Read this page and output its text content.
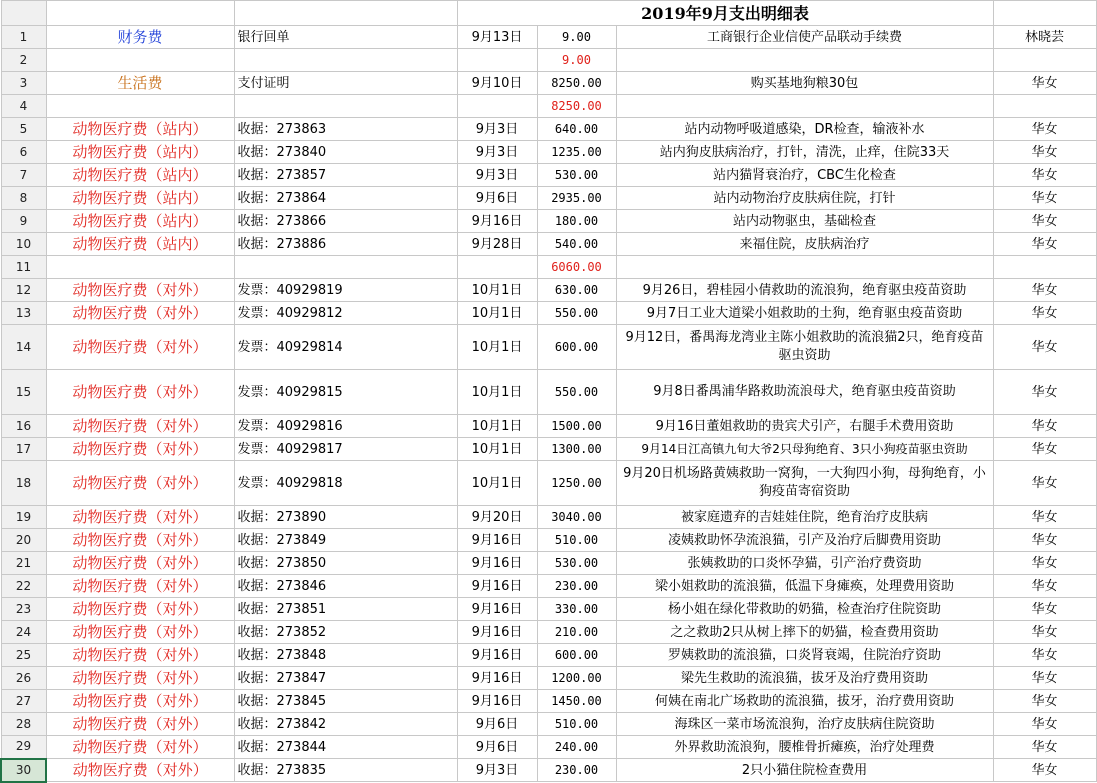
			2019年9月支出明细表			
1	财务费	银行回单	9月13日	9.00	工商银行企业信使产品联动手续费	林晓芸
2				9.00		
3	生活费	支付证明	9月10日	8250.00	购买基地狗粮30包	华女
4				8250.00		
5	动物医疗费（站内）	收据：273863	9月3日	640.00	站内动物呼吸道感染，DR检查，输液补水	华女
6	动物医疗费（站内）	收据：273840	9月3日	1235.00	站内狗皮肤病治疗，打针，清洗，止痒，住院33天	华女
7	动物医疗费（站内）	收据：273857	9月3日	530.00	站内猫肾衰治疗，CBC生化检查	华女
8	动物医疗费（站内）	收据：273864	9月6日	2935.00	站内动物治疗皮肤病住院，打针	华女
9	动物医疗费（站内）	收据：273866	9月16日	180.00	站内动物驱虫，基础检查	华女
10	动物医疗费（站内）	收据：273886	9月28日	540.00	来福住院，皮肤病治疗	华女
11				6060.00		
12	动物医疗费（对外）	发票：40929819	10月1日	630.00	9月26日，碧桂园小倩救助的流浪狗，绝育驱虫疫苗资助	华女
13	动物医疗费（对外）	发票：40929812	10月1日	550.00	9月7日工业大道梁小姐救助的土狗，绝育驱虫疫苗资助	华女
14	动物医疗费（对外）	发票：40929814	10月1日	600.00	9月12日，番禺海龙湾业主陈小姐救助的流浪猫2只，绝育疫苗驱虫资助	华女
15	动物医疗费（对外）	发票：40929815	10月1日	550.00	9月8日番禺浦华路救助流浪母犬，绝育驱虫疫苗资助	华女
16	动物医疗费（对外）	发票：40929816	10月1日	1500.00	9月16日董姐救助的贵宾犬引产，右腿手术费用资助	华女
17	动物医疗费（对外）	发票：40929817	10月1日	1300.00	9月14日江高镇九旬大爷2只母狗绝育、3只小狗疫苗驱虫资助	华女
18	动物医疗费（对外）	发票：40929818	10月1日	1250.00	9月20日机场路黄姨救助一窝狗，一大狗四小狗，母狗绝育，小狗疫苗寄宿资助	华女
19	动物医疗费（对外）	收据：273890	9月20日	3040.00	被家庭遗弃的吉娃娃住院，绝育治疗皮肤病	华女
20	动物医疗费（对外）	收据：273849	9月16日	510.00	凌姨救助怀孕流浪猫，引产及治疗后脚费用资助	华女
21	动物医疗费（对外）	收据：273850	9月16日	530.00	张姨救助的口炎怀孕猫，引产治疗费资助	华女
22	动物医疗费（对外）	收据：273846	9月16日	230.00	梁小姐救助的流浪猫，低温下身瘫痪，处理费用资助	华女
23	动物医疗费（对外）	收据：273851	9月16日	330.00	杨小姐在绿化带救助的奶猫，检查治疗住院资助	华女
24	动物医疗费（对外）	收据：273852	9月16日	210.00	之之救助2只从树上摔下的奶猫，检查费用资助	华女
25	动物医疗费（对外）	收据：273848	9月16日	600.00	罗姨救助的流浪猫，口炎肾衰竭，住院治疗资助	华女
26	动物医疗费（对外）	收据：273847	9月16日	1200.00	梁先生救助的流浪猫，拔牙及治疗费用资助	华女
27	动物医疗费（对外）	收据：273845	9月16日	1450.00	何姨在南北广场救助的流浪猫，拔牙，治疗费用资助	华女
28	动物医疗费（对外）	收据：273842	9月6日	510.00	海珠区一菜市场流浪狗，治疗皮肤病住院资助	华女
29	动物医疗费（对外）	收据：273844	9月6日	240.00	外界救助流浪狗，腰椎骨折瘫痪，治疗处理费	华女
30	动物医疗费（对外）	收据：273835	9月3日	230.00	2只小猫住院检查费用	华女
